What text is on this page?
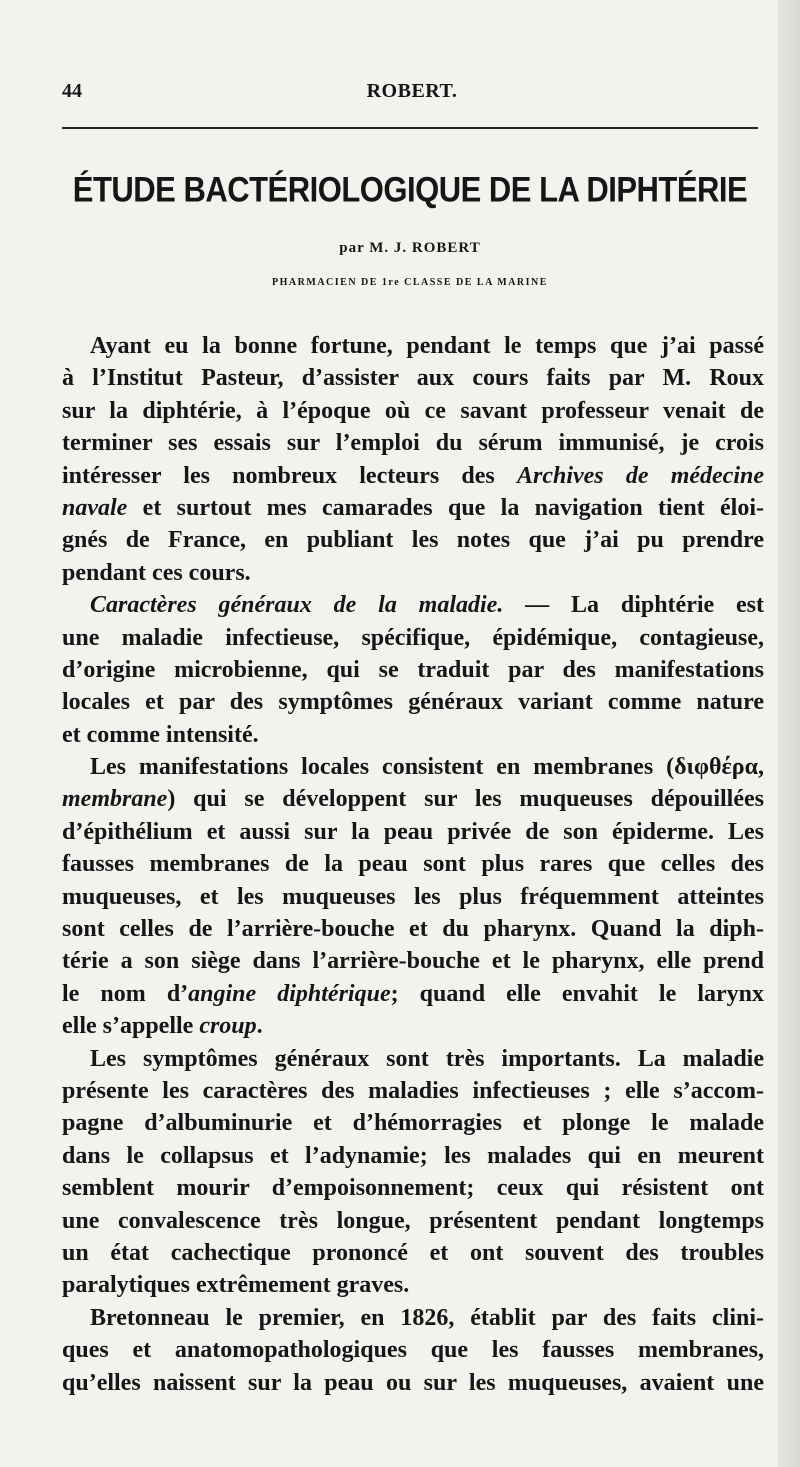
44	ROBERT.
ÉTUDE BACTÉRIOLOGIQUE DE LA DIPHTÉRIE
par M. J. ROBERT
PHARMACIEN DE 1re CLASSE DE LA MARINE
Ayant eu la bonne fortune, pendant le temps que j’ai passé
à l’Institut Pasteur, d’assister aux cours faits par M. Roux
sur la diphtérie, à l’époque où ce savant professeur venait de
terminer ses essais sur l’emploi du sérum immunisé, je crois
intéresser les nombreux lecteurs des Archives de médecine
navale et surtout mes camarades que la navigation tient éloi-
gnés de France, en publiant les notes que j’ai pu prendre
pendant ces cours.
Caractères généraux de la maladie. — La diphtérie est
une maladie infectieuse, spécifique, épidémique, contagieuse,
d’origine microbienne, qui se traduit par des manifestations
locales et par des symptômes généraux variant comme nature
et comme intensité.
Les manifestations locales consistent en membranes (διφθέρα,
membrane) qui se développent sur les muqueuses dépouillées
d’épithélium et aussi sur la peau privée de son épiderme. Les
fausses membranes de la peau sont plus rares que celles des
muqueuses, et les muqueuses les plus fréquemment atteintes
sont celles de l’arrière-bouche et du pharynx. Quand la diph-
térie a son siège dans l’arrière-bouche et le pharynx, elle prend
le nom d’angine diphtérique; quand elle envahit le larynx
elle s’appelle croup.
Les symptômes généraux sont très importants. La maladie
présente les caractères des maladies infectieuses ; elle s’accom-
pagne d’albuminurie et d’hémorragies et plonge le malade
dans le collapsus et l’adynamie; les malades qui en meurent
semblent mourir d’empoisonnement; ceux qui résistent ont
une convalescence très longue, présentent pendant longtemps
un état cachectique prononcé et ont souvent des troubles
paralytiques extrêmement graves.
Bretonneau le premier, en 1826, établit par des faits clini-
ques et anatomopathologiques que les fausses membranes,
qu’elles naissent sur la peau ou sur les muqueuses, avaient une
